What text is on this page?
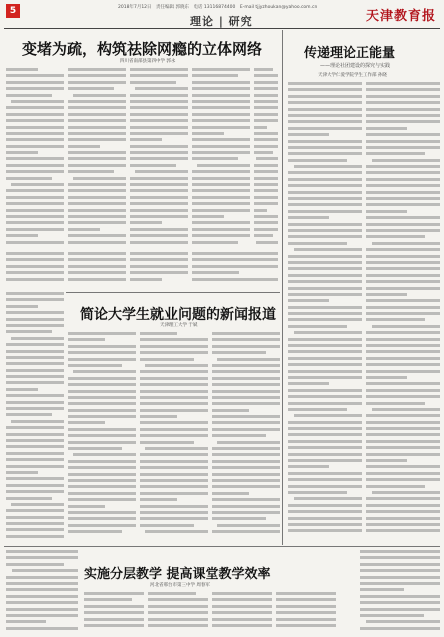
5	2018年7月12日　责任编辑 郭晓东　电话 13116874400　E-mail tjjyzhoukan@yahoo.com.cn
理论 | 研究	天津教育报
变堵为疏，构筑祛除网瘾的立体网络
四川省南部县第四中学 郭永
传递理论正能量
——理论社团建设的探究与实践
天津大学仁爱学院学生工作部 孙晓
简论大学生就业问题的新闻报道
天津理工大学 于斌
实施分层教学 提高课堂教学效率
河北省邢台市第三中学 周春军
